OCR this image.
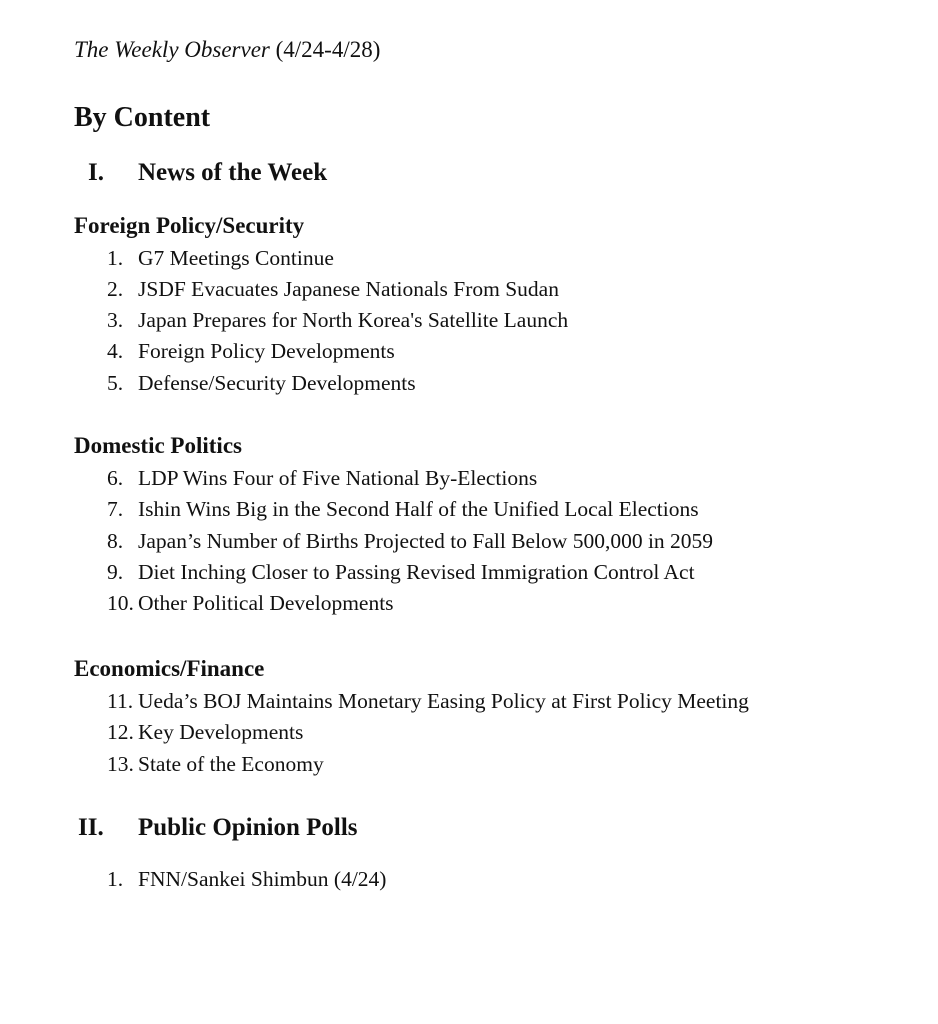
The Weekly Observer (4/24-4/28)
By Content
I. News of the Week
Foreign Policy/Security
1. G7 Meetings Continue
2. JSDF Evacuates Japanese Nationals From Sudan
3. Japan Prepares for North Korea's Satellite Launch
4. Foreign Policy Developments
5. Defense/Security Developments
Domestic Politics
6. LDP Wins Four of Five National By-Elections
7. Ishin Wins Big in the Second Half of the Unified Local Elections
8. Japan’s Number of Births Projected to Fall Below 500,000 in 2059
9. Diet Inching Closer to Passing Revised Immigration Control Act
10. Other Political Developments
Economics/Finance
11. Ueda’s BOJ Maintains Monetary Easing Policy at First Policy Meeting
12. Key Developments
13. State of the Economy
II. Public Opinion Polls
1. FNN/Sankei Shimbun (4/24)
